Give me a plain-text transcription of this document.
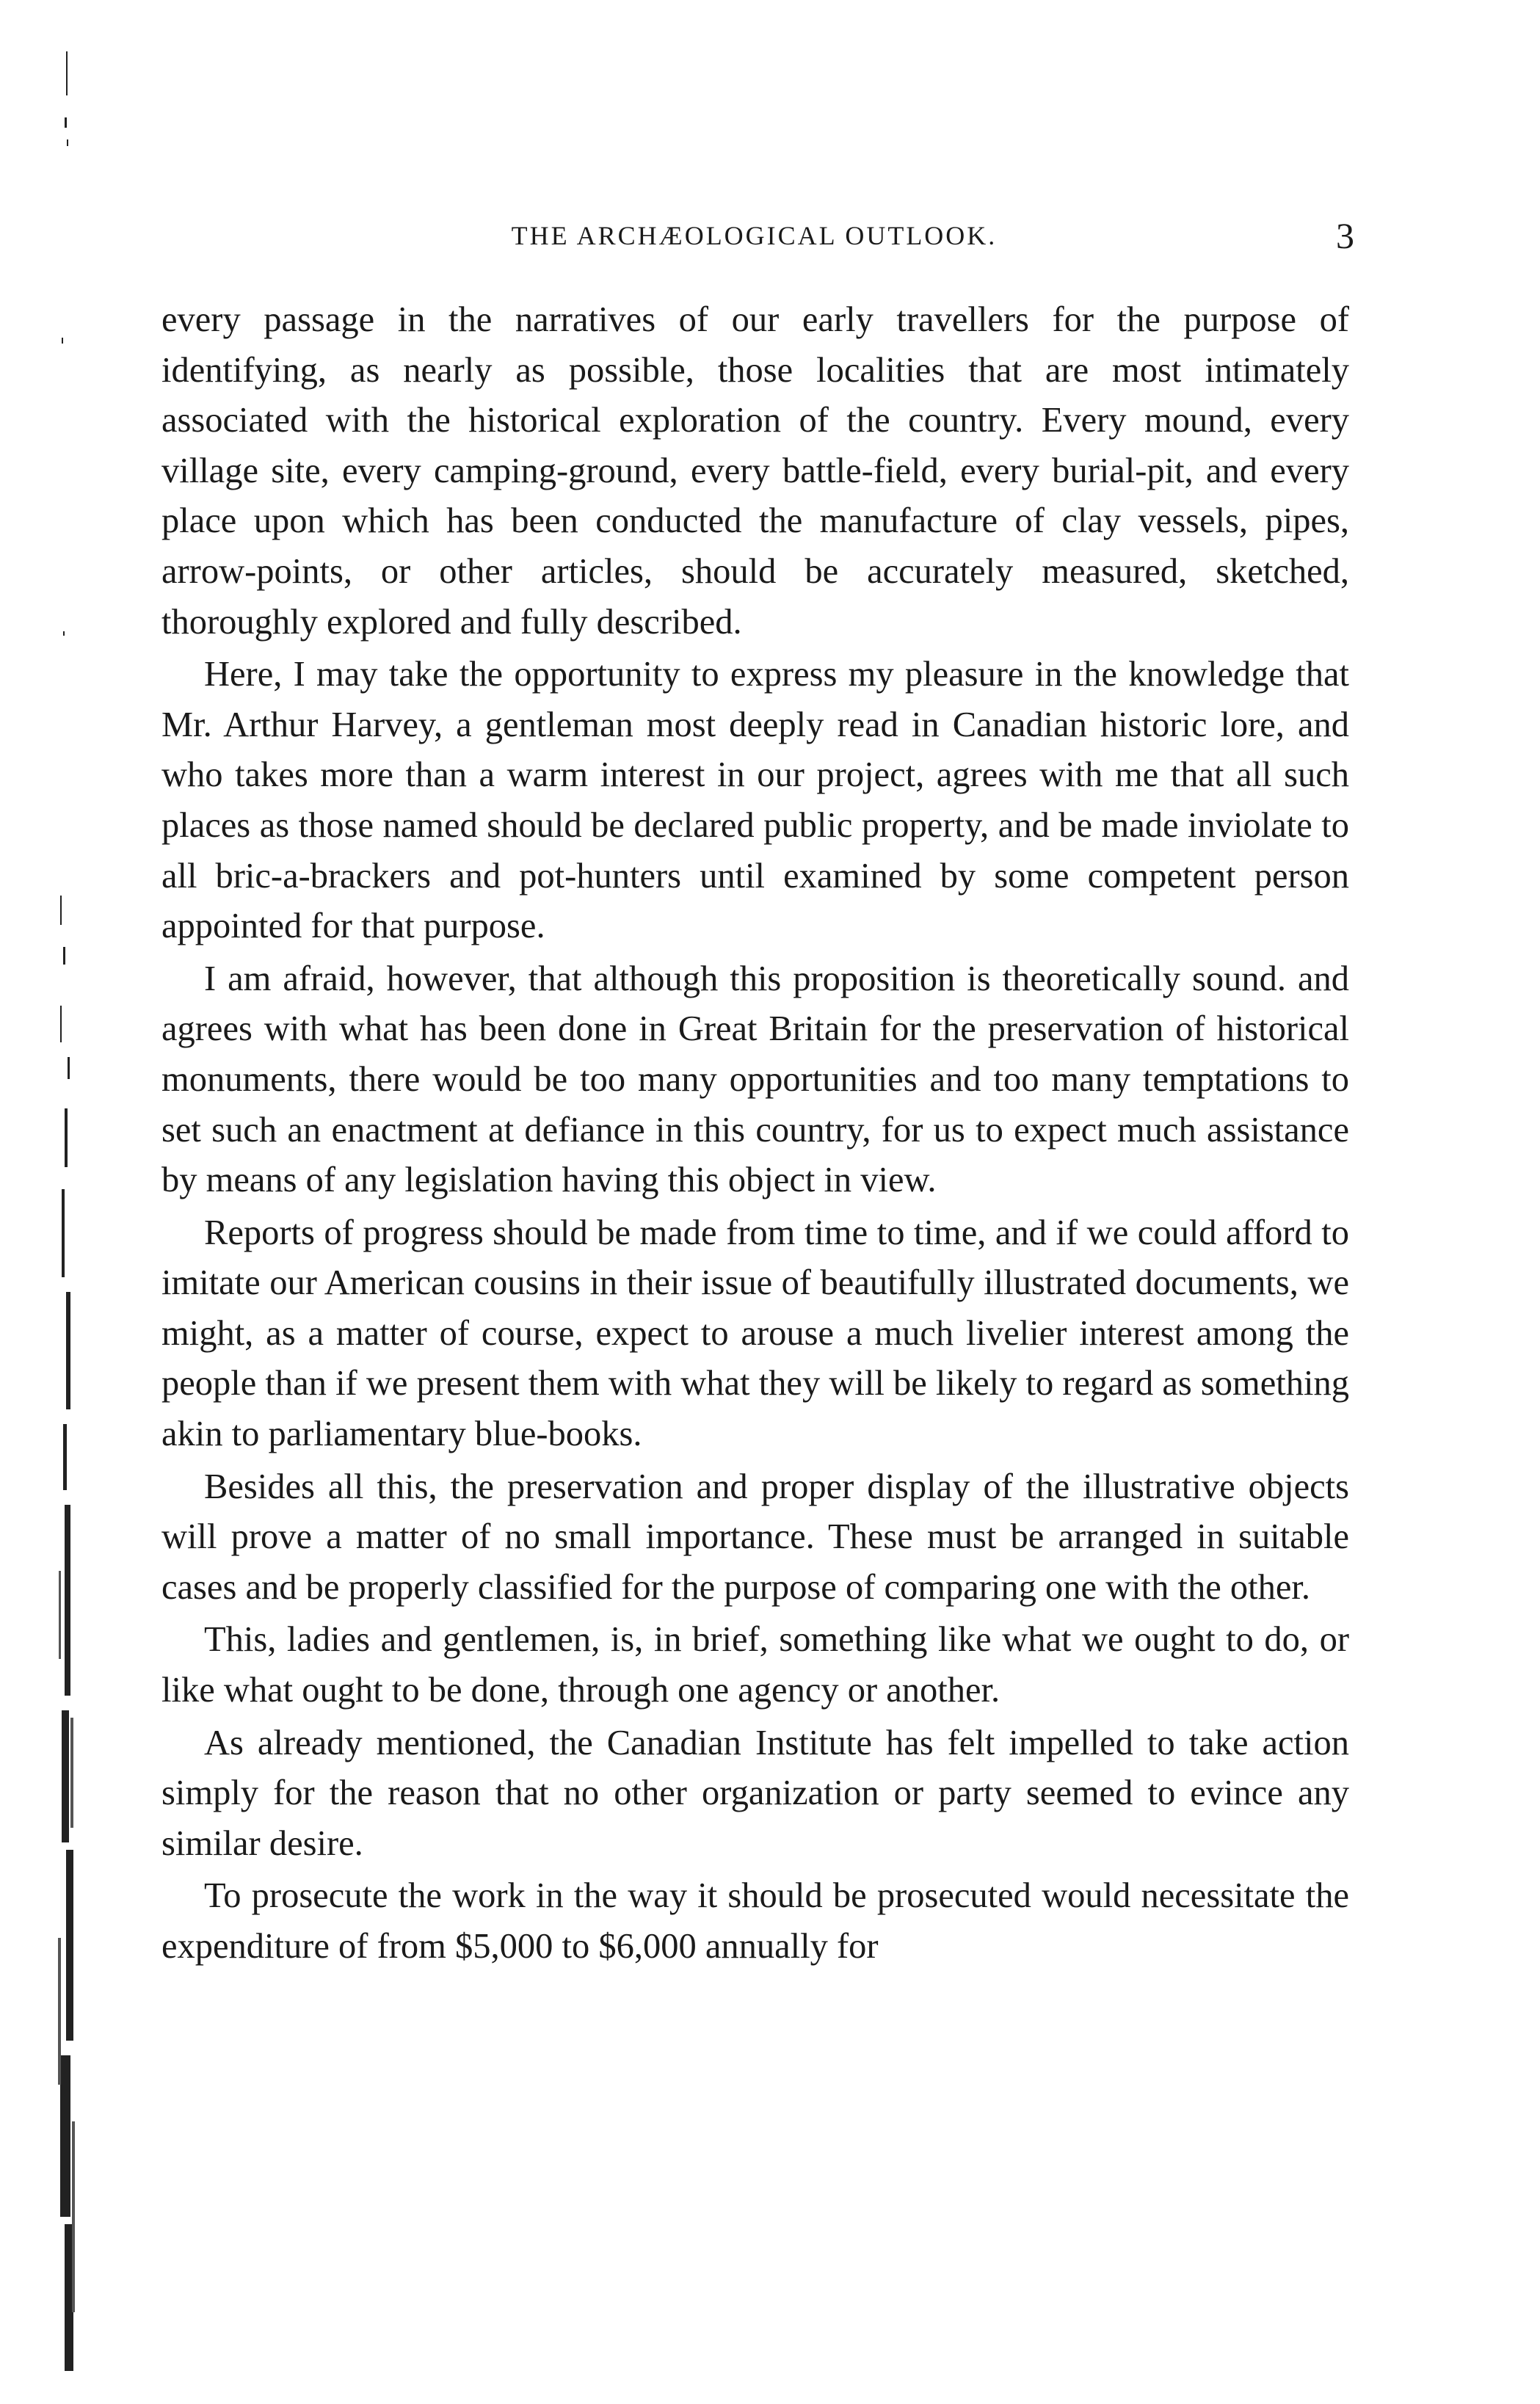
THE ARCHÆOLOGICAL OUTLOOK.	3

every passage in the narratives of our early travellers for the purpose of identifying, as nearly as possible, those localities that are most intimately associated with the historical exploration of the country. Every mound, every village site, every camping-ground, every battle-field, every burial-pit, and every place upon which has been conducted the manufacture of clay vessels, pipes, arrow-points, or other articles, should be accurately measured, sketched, thoroughly explored and fully described.

Here, I may take the opportunity to express my pleasure in the knowledge that Mr. Arthur Harvey, a gentleman most deeply read in Canadian historic lore, and who takes more than a warm interest in our project, agrees with me that all such places as those named should be declared public property, and be made inviolate to all bric-a-brackers and pot-hunters until examined by some competent person appointed for that purpose.

I am afraid, however, that although this proposition is theoretically sound. and agrees with what has been done in Great Britain for the preservation of historical monuments, there would be too many opportunities and too many temptations to set such an enactment at defiance in this country, for us to expect much assistance by means of any legislation having this object in view.

Reports of progress should be made from time to time, and if we could afford to imitate our American cousins in their issue of beautifully illustrated documents, we might, as a matter of course, expect to arouse a much livelier interest among the people than if we present them with what they will be likely to regard as something akin to parliamentary blue-books.

Besides all this, the preservation and proper display of the illustrative objects will prove a matter of no small importance. These must be arranged in suitable cases and be properly classified for the purpose of comparing one with the other.

This, ladies and gentlemen, is, in brief, something like what we ought to do, or like what ought to be done, through one agency or another.

As already mentioned, the Canadian Institute has felt impelled to take action simply for the reason that no other organization or party seemed to evince any similar desire.

To prosecute the work in the way it should be prosecuted would necessitate the expenditure of from $5,000 to $6,000 annually for
